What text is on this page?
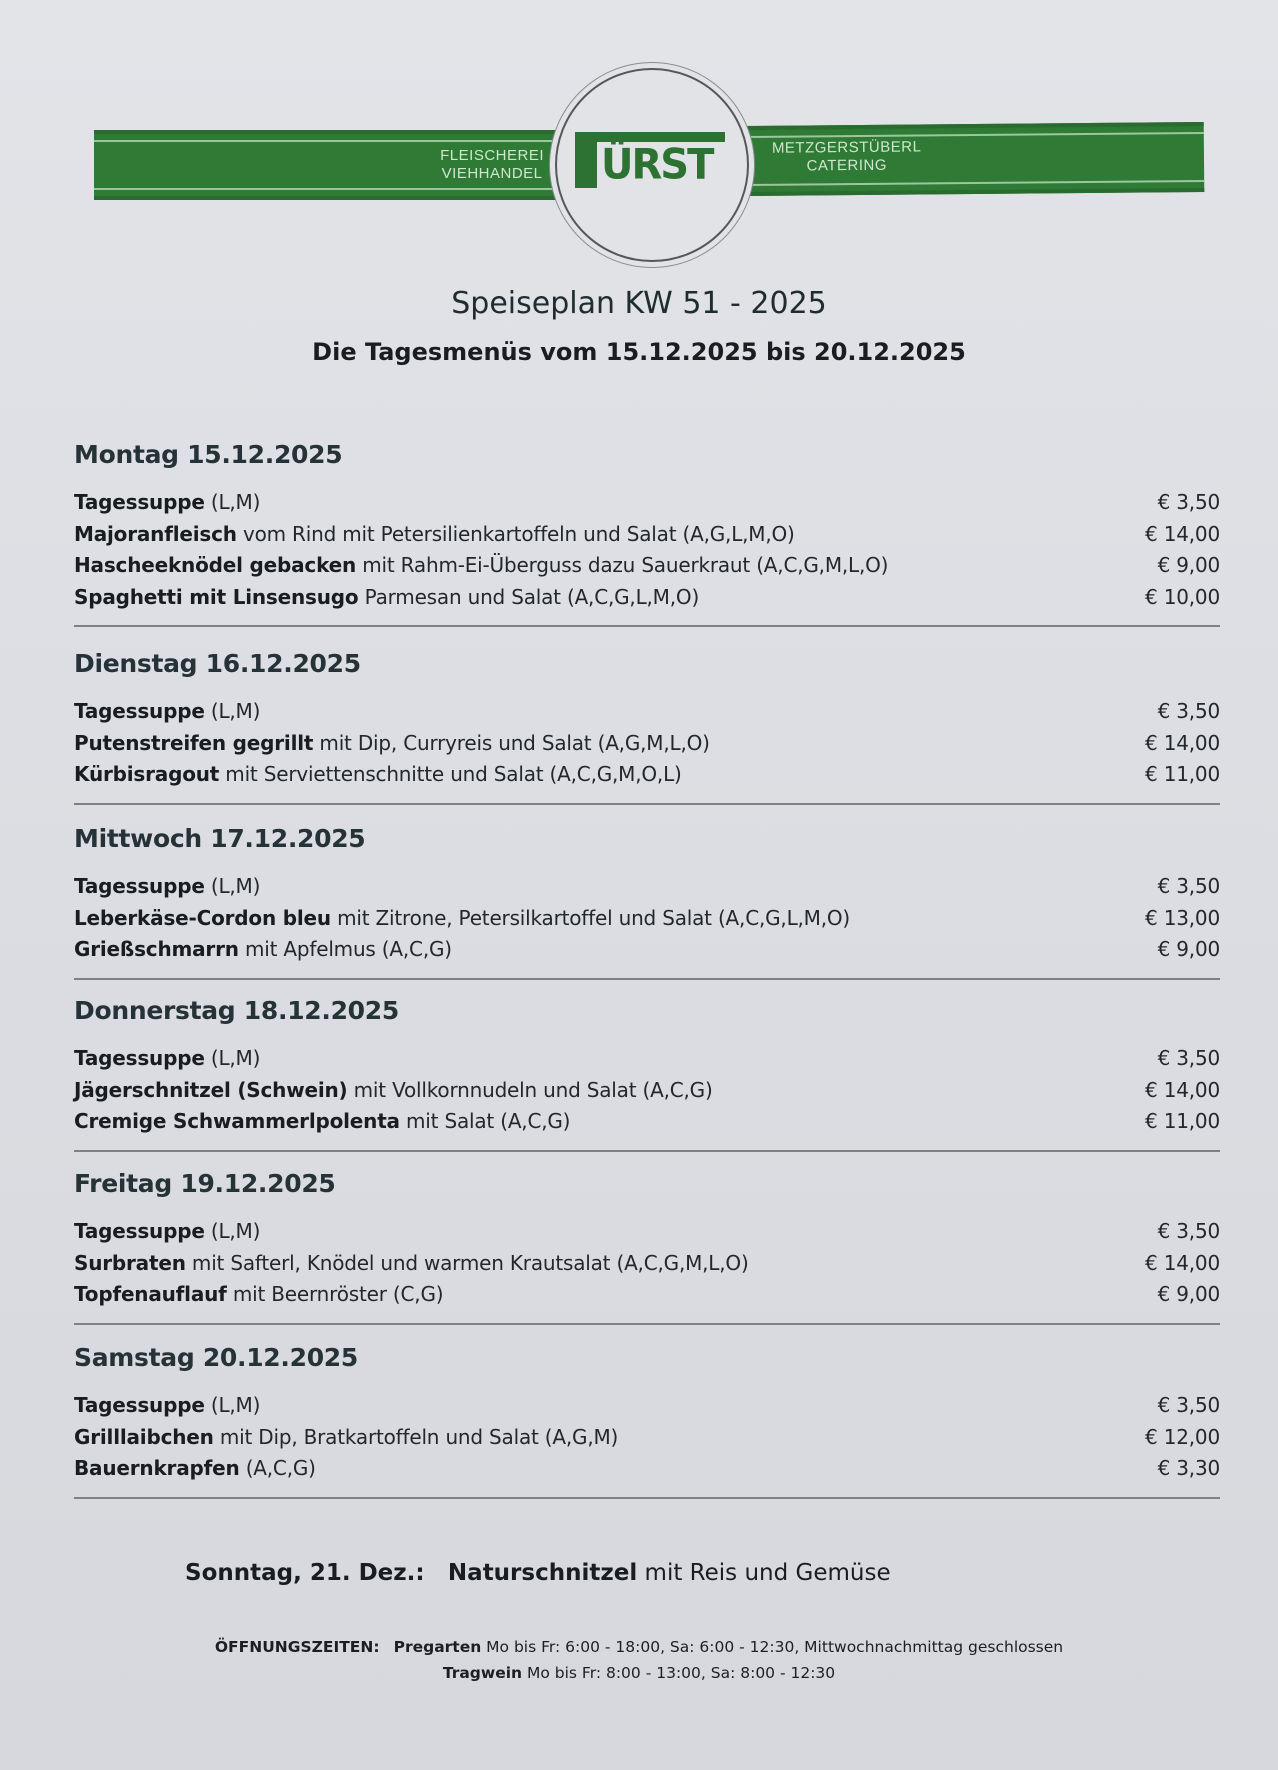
FLEISCHEREI
VIEHHANDEL
METZGERSTÜBERL
CATERING
ÜRST
Speiseplan KW 51 - 2025
Die Tagesmenüs vom 15.12.2025 bis 20.12.2025
Montag 15.12.2025
Tagessuppe (L,M)	€ 3,50
Majoranfleisch vom Rind mit Petersilienkartoffeln und Salat (A,G,L,M,O)	€ 14,00
Hascheeknödel gebacken mit Rahm-Ei-Überguss dazu Sauerkraut (A,C,G,M,L,O)	€ 9,00
Spaghetti mit Linsensugo Parmesan und Salat (A,C,G,L,M,O)	€ 10,00
Dienstag 16.12.2025
Tagessuppe (L,M)	€ 3,50
Putenstreifen gegrillt mit Dip, Curryreis und Salat (A,G,M,L,O)	€ 14,00
Kürbisragout mit Serviettenschnitte und Salat (A,C,G,M,O,L)	€ 11,00
Mittwoch 17.12.2025
Tagessuppe (L,M)	€ 3,50
Leberkäse-Cordon bleu mit Zitrone, Petersilkartoffel und Salat (A,C,G,L,M,O)	€ 13,00
Grießschmarrn mit Apfelmus (A,C,G)	€ 9,00
Donnerstag 18.12.2025
Tagessuppe (L,M)	€ 3,50
Jägerschnitzel (Schwein) mit Vollkornnudeln und Salat (A,C,G)	€ 14,00
Cremige Schwammerlpolenta mit Salat (A,C,G)	€ 11,00
Freitag 19.12.2025
Tagessuppe (L,M)	€ 3,50
Surbraten mit Safterl, Knödel und warmen Krautsalat (A,C,G,M,L,O)	€ 14,00
Topfenauflauf mit Beernröster (C,G)	€ 9,00
Samstag 20.12.2025
Tagessuppe (L,M)	€ 3,50
Grilllaibchen mit Dip, Bratkartoffeln und Salat (A,G,M)	€ 12,00
Bauernkrapfen (A,C,G)	€ 3,30
Sonntag, 21. Dez.: Naturschnitzel mit Reis und Gemüse
ÖFFNUNGSZEITEN: Pregarten Mo bis Fr: 6:00 - 18:00, Sa: 6:00 - 12:30, Mittwochnachmittag geschlossen
Tragwein Mo bis Fr: 8:00 - 13:00, Sa: 8:00 - 12:30
